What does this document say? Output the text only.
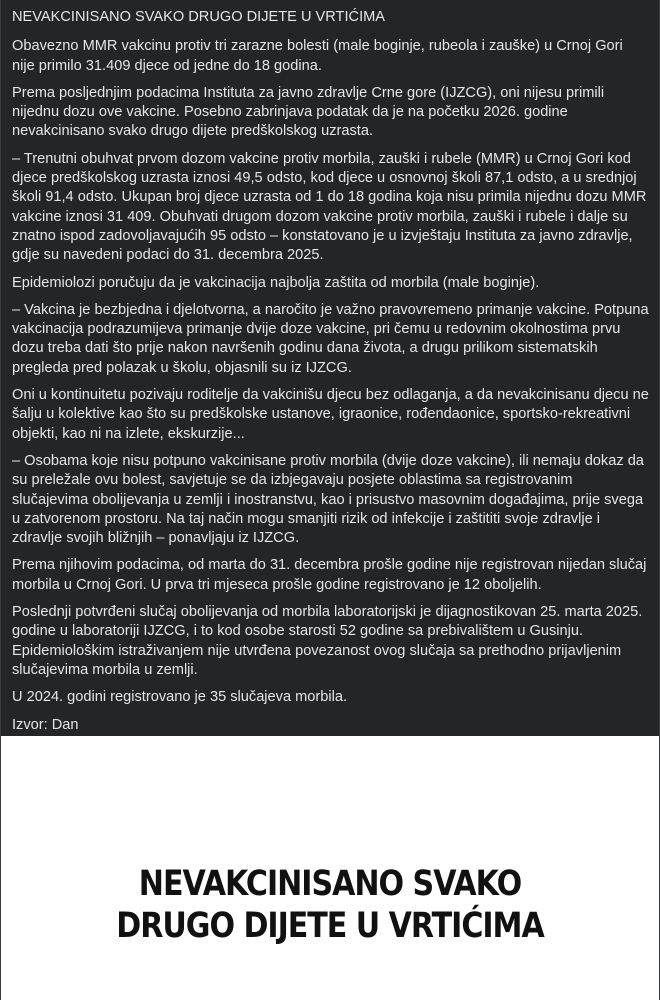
NEVAKCINISANO SVAKO DRUGO DIJETE U VRTIĆIMA

Obavezno MMR vakcinu protiv tri zarazne bolesti (male boginje, rubeola i zauške) u Crnoj Gori nije primilo 31.409 djece od jedne do 18 godina.

Prema posljednjim podacima Instituta za javno zdravlje Crne gore (IJZCG), oni nijesu primili nijednu dozu ove vakcine. Posebno zabrinjava podatak da je na početku 2026. godine nevakcinisano svako drugo dijete predškolskog uzrasta.

– Trenutni obuhvat prvom dozom vakcine protiv morbila, zauški i rubele (MMR) u Crnoj Gori kod djece predškolskog uzrasta iznosi 49,5 odsto, kod djece u osnovnoj školi 87,1 odsto, a u srednjoj školi 91,4 odsto. Ukupan broj djece uzrasta od 1 do 18 godina koja nisu primila nijednu dozu MMR vakcine iznosi 31 409. Obuhvati drugom dozom vakcine protiv morbila, zauški i rubele i dalje su znatno ispod zadovoljavajućih 95 odsto – konstatovano je u izvještaju Instituta za javno zdravlje, gdje su navedeni podaci do 31. decembra 2025.

Epidemiolozi poručuju da je vakcinacija najbolja zaštita od morbila (male boginje).

– Vakcina je bezbjedna i djelotvorna, a naročito je važno pravovremeno primanje vakcine. Potpuna vakcinacija podrazumijeva primanje dvije doze vakcine, pri čemu u redovnim okolnostima prvu dozu treba dati što prije nakon navršenih godinu dana života, a drugu prilikom sistematskih pregleda pred polazak u školu, objasnili su iz IJZCG.

Oni u kontinuitetu pozivaju roditelje da vakcinišu djecu bez odlaganja, a da nevakcinisanu djecu ne šalju u kolektive kao što su predškolske ustanove, igraonice, rođendaonice, sportsko-rekreativni objekti, kao ni na izlete, ekskurzije...

– Osobama koje nisu potpuno vakcinisane protiv morbila (dvije doze vakcine), ili nemaju dokaz da su preležale ovu bolest, savjetuje se da izbjegavaju posjete oblastima sa registrovanim slučajevima obolijevanja u zemlji i inostranstvu, kao i prisustvo masovnim događajima, prije svega u zatvorenom prostoru. Na taj način mogu smanjiti rizik od infekcije i zaštititi svoje zdravlje i zdravlje svojih bližnjih – ponavljaju iz IJZCG.

Prema njihovim podacima, od marta do 31. decembra prošle godine nije registrovan nijedan slučaj morbila u Crnoj Gori. U prva tri mjeseca prošle godine registrovano je 12 oboljelih.

Poslednji potvrđeni slučaj obolijevanja od morbila laboratorijski je dijagnostikovan 25. marta 2025. godine u laboratoriji IJZCG, i to kod osobe starosti 52 godine sa prebivalištem u Gusinju. Epidemiološkim istraživanjem nije utvrđena povezanost ovog slučaja sa prethodno prijavljenim slučajevima morbila u zemlji.

U 2024. godini registrovano je 35 slučajeva morbila.

Izvor: Dan

NEVAKCINISANO SVAKO
DRUGO DIJETE U VRTIĆIMA
